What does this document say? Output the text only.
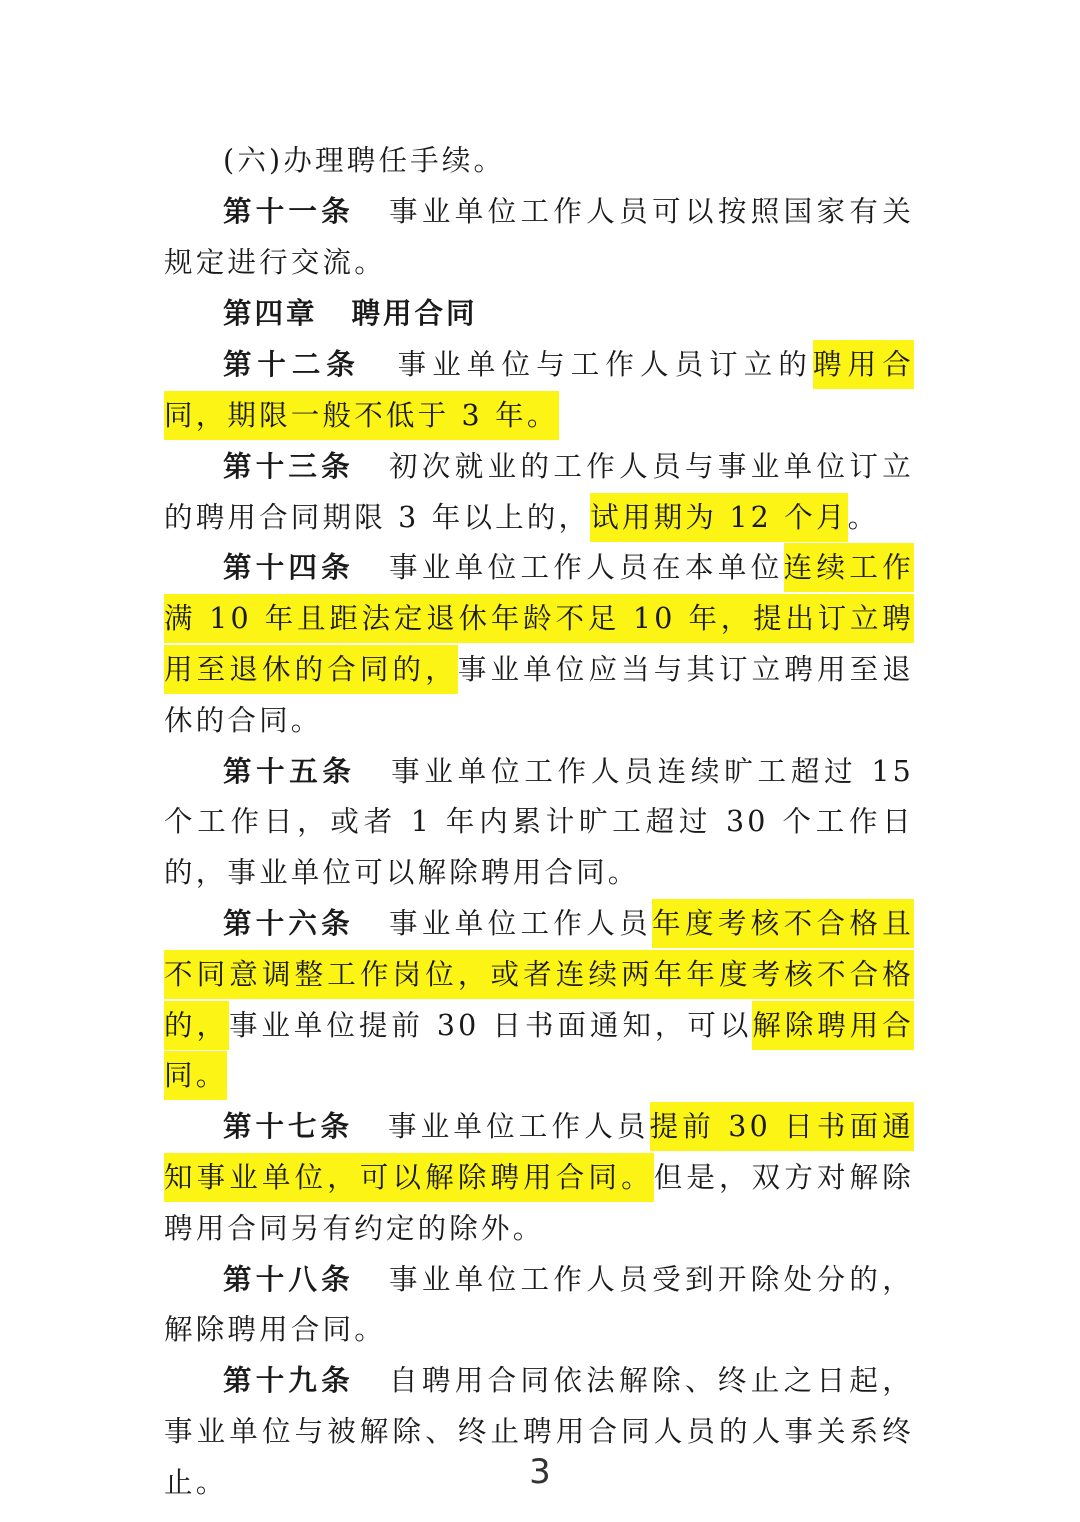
(六)办理聘任手续。

第十一条 事业单位工作人员可以按照国家有关规定进行交流。

第四章 聘用合同

第十二条 事业单位与工作人员订立的聘用合同，期限一般不低于 3 年。

第十三条 初次就业的工作人员与事业单位订立的聘用合同期限 3 年以上的，试用期为 12 个月。

第十四条 事业单位工作人员在本单位连续工作满 10 年且距法定退休年龄不足 10 年，提出订立聘用至退休的合同的，事业单位应当与其订立聘用至退休的合同。

第十五条 事业单位工作人员连续旷工超过 15 个工作日，或者 1 年内累计旷工超过 30 个工作日的，事业单位可以解除聘用合同。

第十六条 事业单位工作人员年度考核不合格且不同意调整工作岗位，或者连续两年年度考核不合格的，事业单位提前 30 日书面通知，可以解除聘用合同。

第十七条 事业单位工作人员提前 30 日书面通知事业单位，可以解除聘用合同。但是，双方对解除聘用合同另有约定的除外。

第十八条 事业单位工作人员受到开除处分的，解除聘用合同。

第十九条 自聘用合同依法解除、终止之日起，事业单位与被解除、终止聘用合同人员的人事关系终止。	3
